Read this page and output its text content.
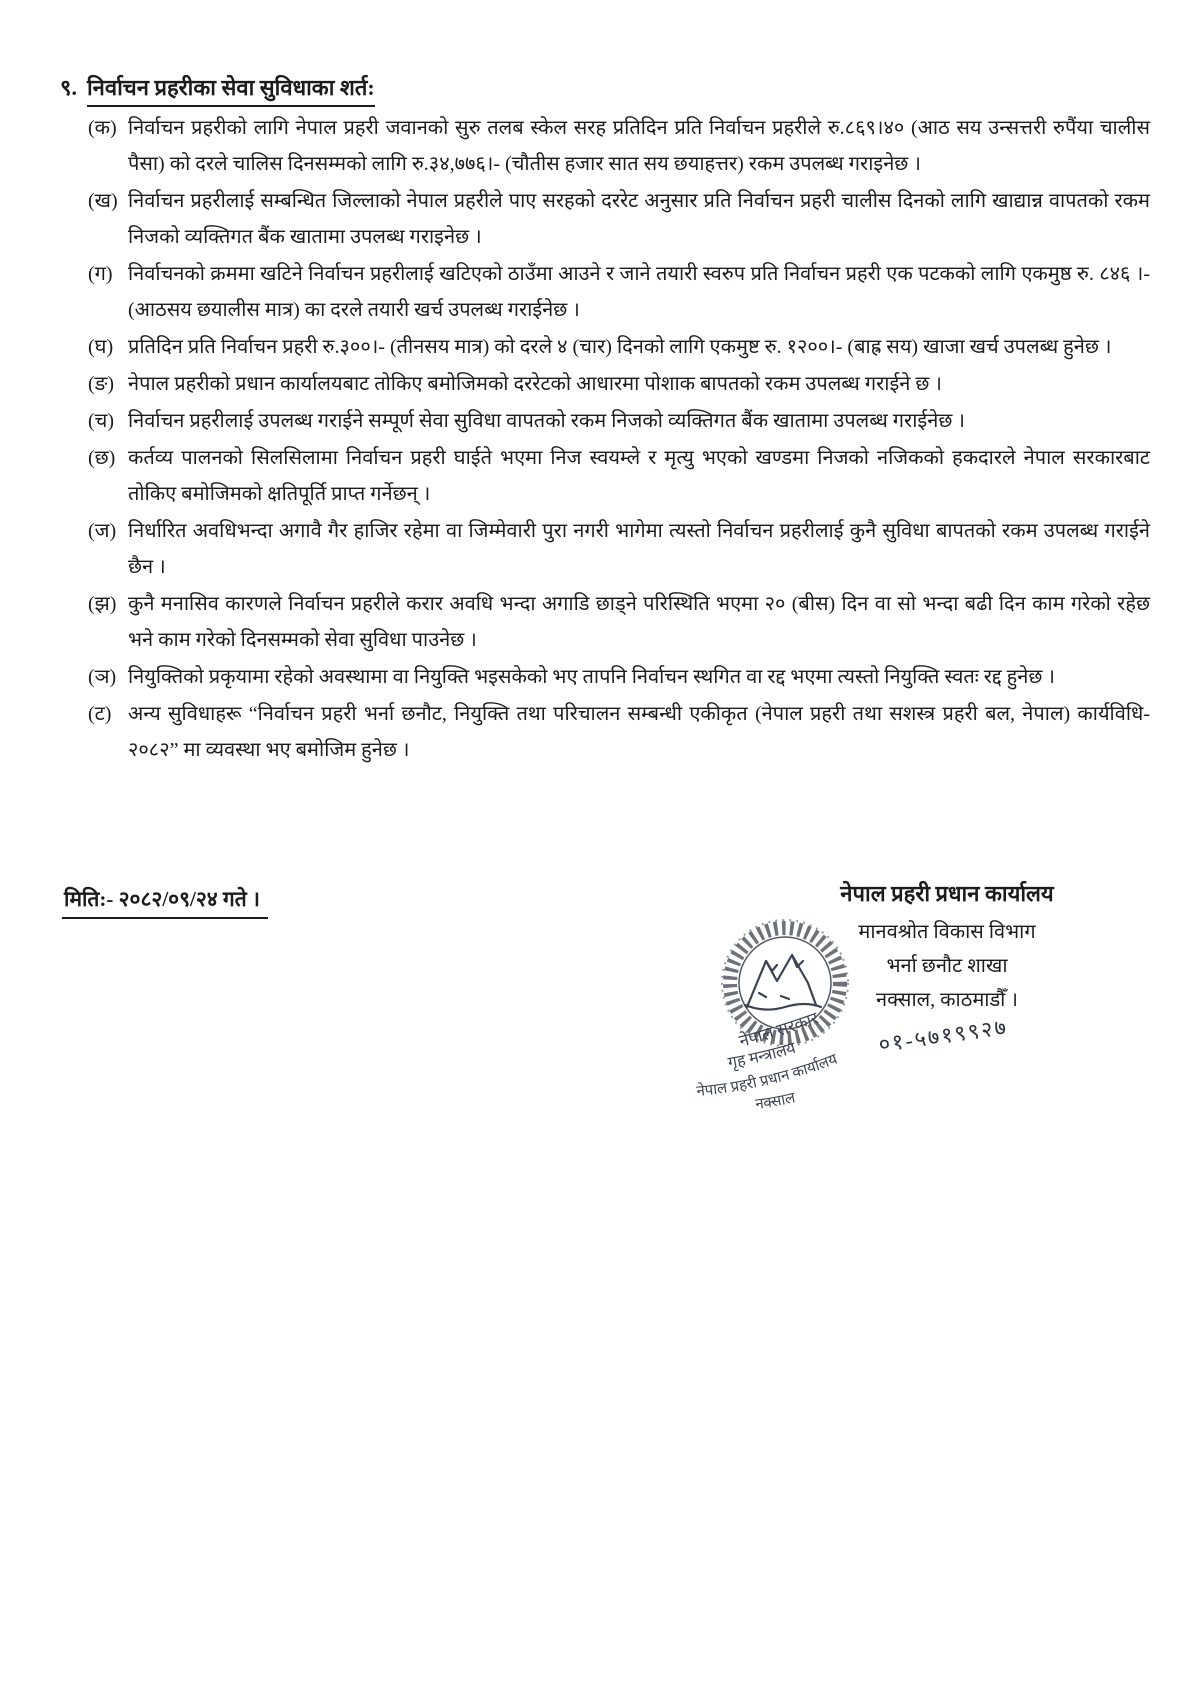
९. निर्वाचन प्रहरीका सेवा सुविधाका शर्त:
(क) निर्वाचन प्रहरीको लागि नेपाल प्रहरी जवानको सुरु तलब स्केल सरह प्रतिदिन प्रति निर्वाचन प्रहरीले रु.८६९।४० (आठ सय उन्सत्तरी रुपैंया चालीस पैसा) को दरले चालिस दिनसम्मको लागि रु.३४,७७६।- (चौतीस हजार सात सय छयाहत्तर) रकम उपलब्ध गराइनेछ ।
(ख) निर्वाचन प्रहरीलाई सम्बन्धित जिल्लाको नेपाल प्रहरीले पाए सरहको दररेट अनुसार प्रति निर्वाचन प्रहरी चालीस दिनको लागि खाद्यान्न वापतको रकम निजको व्यक्तिगत बैंक खातामा उपलब्ध गराइनेछ ।
(ग) निर्वाचनको क्रममा खटिने निर्वाचन प्रहरीलाई खटिएको ठाउँमा आउने र जाने तयारी स्वरुप प्रति निर्वाचन प्रहरी एक पटकको लागि एकमुष्ठ रु. ८४६ ।- (आठसय छयालीस मात्र) का दरले तयारी खर्च उपलब्ध गराईनेछ ।
(घ) प्रतिदिन प्रति निर्वाचन प्रहरी रु.३००।- (तीनसय मात्र) को दरले ४ (चार) दिनको लागि एकमुष्ट रु. १२००।- (बाह्र सय) खाजा खर्च उपलब्ध हुनेछ ।
(ङ) नेपाल प्रहरीको प्रधान कार्यालयबाट तोकिए बमोजिमको दररेटको आधारमा पोशाक बापतको रकम उपलब्ध गराईने छ ।
(च) निर्वाचन प्रहरीलाई उपलब्ध गराईने सम्पूर्ण सेवा सुविधा वापतको रकम निजको व्यक्तिगत बैंक खातामा उपलब्ध गराईनेछ ।
(छ) कर्तव्य पालनको सिलसिलामा निर्वाचन प्रहरी घाईते भएमा निज स्वयम्ले र मृत्यु भएको खण्डमा निजको नजिकको हकदारले नेपाल सरकारबाट तोकिए बमोजिमको क्षतिपूर्ति प्राप्त गर्नेछन् ।
(ज) निर्धारित अवधिभन्दा अगावै गैर हाजिर रहेमा वा जिम्मेवारी पुरा नगरी भागेमा त्यस्तो निर्वाचन प्रहरीलाई कुनै सुविधा बापतको रकम उपलब्ध गराईने छैन ।
(झ) कुनै मनासिव कारणले निर्वाचन प्रहरीले करार अवधि भन्दा अगाडि छाड्ने परिस्थिति भएमा २० (बीस) दिन वा सो भन्दा बढी दिन काम गरेको रहेछ भने काम गरेको दिनसम्मको सेवा सुविधा पाउनेछ ।
(ञ) नियुक्तिको प्रकृयामा रहेको अवस्थामा वा नियुक्ति भइसकेको भए तापनि निर्वाचन स्थगित वा रद्द भएमा त्यस्तो नियुक्ति स्वतः रद्द हुनेछ ।
(ट) अन्य सुविधाहरू “निर्वाचन प्रहरी भर्ना छनौट, नियुक्ति तथा परिचालन सम्बन्धी एकीकृत (नेपाल प्रहरी तथा सशस्त्र प्रहरी बल, नेपाल) कार्यविधि- २०८२” मा व्यवस्था भए बमोजिम हुनेछ ।
मिति:- २०८२/०९/२४ गते ।
नेपाल सरकार
गृह मन्त्रालय
नेपाल प्रहरी प्रधान कार्यालय
नक्साल
नेपाल प्रहरी प्रधान कार्यालय
मानवश्रोत विकास विभाग
भर्ना छनौट शाखा
नक्साल, काठमाडौँ ।
०१-५७१९९२७
